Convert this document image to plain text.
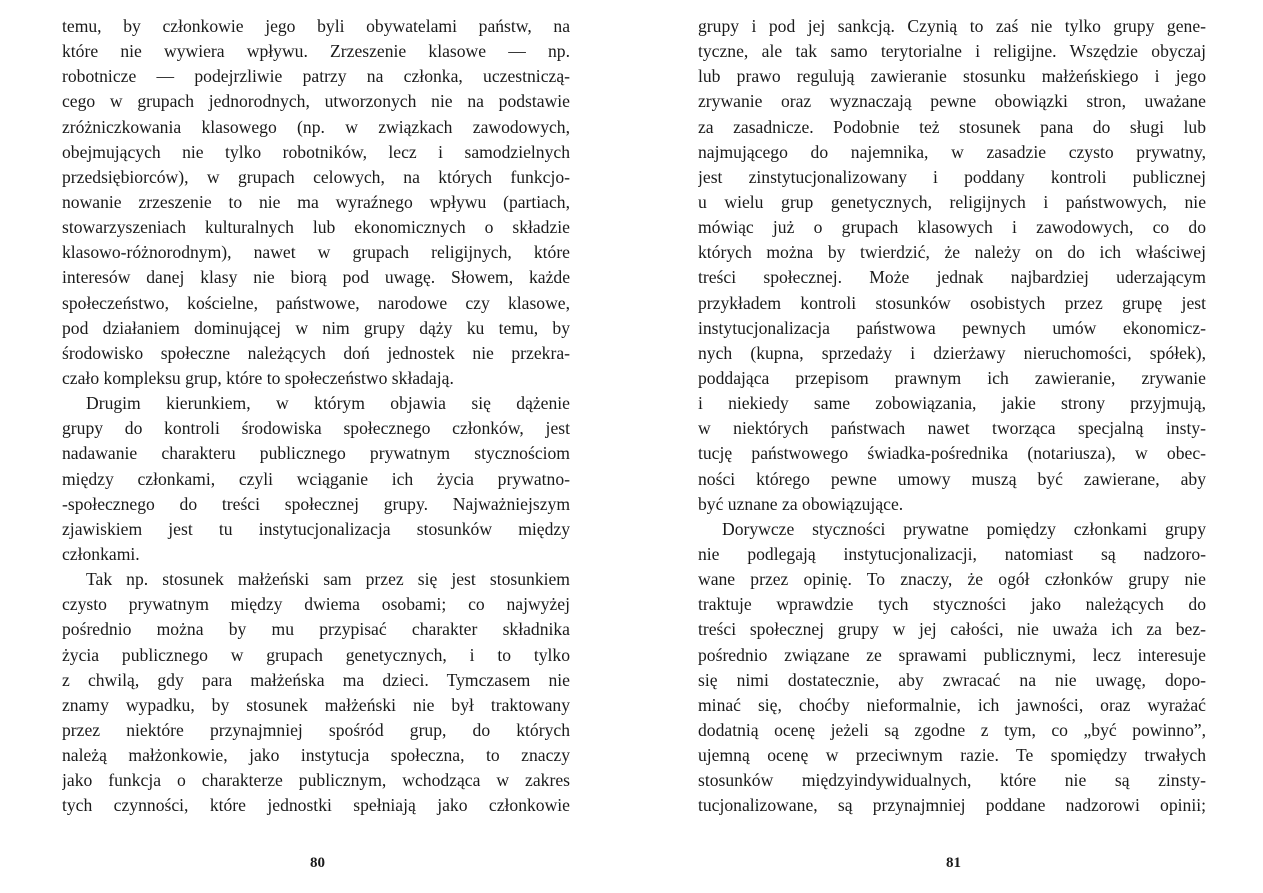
temu, by członkowie jego byli obywatelami państw, na
które nie wywiera wpływu. Zrzeszenie klasowe — np.
robotnicze — podejrzliwie patrzy na członka, uczestniczą-
cego w grupach jednorodnych, utworzonych nie na podstawie
zróżniczkowania klasowego (np. w związkach zawodowych,
obejmujących nie tylko robotników, lecz i samodzielnych
przedsiębiorców), w grupach celowych, na których funkcjo-
nowanie zrzeszenie to nie ma wyraźnego wpływu (partiach,
stowarzyszeniach kulturalnych lub ekonomicznych o składzie
klasowo-różnorodnym), nawet w grupach religijnych, które
interesów danej klasy nie biorą pod uwagę. Słowem, każde
społeczeństwo, kościelne, państwowe, narodowe czy klasowe,
pod działaniem dominującej w nim grupy dąży ku temu, by
środowisko społeczne należących doń jednostek nie przekra-
czało kompleksu grup, które to społeczeństwo składają.
Drugim kierunkiem, w którym objawia się dążenie
grupy do kontroli środowiska społecznego członków, jest
nadawanie charakteru publicznego prywatnym stycznościom
między członkami, czyli wciąganie ich życia prywatno-
-społecznego do treści społecznej grupy. Najważniejszym
zjawiskiem jest tu instytucjonalizacja stosunków między
członkami.
Tak np. stosunek małżeński sam przez się jest stosunkiem
czysto prywatnym między dwiema osobami; co najwyżej
pośrednio można by mu przypisać charakter składnika
życia publicznego w grupach genetycznych, i to tylko
z chwilą, gdy para małżeńska ma dzieci. Tymczasem nie
znamy wypadku, by stosunek małżeński nie był traktowany
przez niektóre przynajmniej spośród grup, do których
należą małżonkowie, jako instytucja społeczna, to znaczy
jako funkcja o charakterze publicznym, wchodząca w zakres
tych czynności, które jednostki spełniają jako członkowie
grupy i pod jej sankcją. Czynią to zaś nie tylko grupy gene-
tyczne, ale tak samo terytorialne i religijne. Wszędzie obyczaj
lub prawo regulują zawieranie stosunku małżeńskiego i jego
zrywanie oraz wyznaczają pewne obowiązki stron, uważane
za zasadnicze. Podobnie też stosunek pana do sługi lub
najmującego do najemnika, w zasadzie czysto prywatny,
jest zinstytucjonalizowany i poddany kontroli publicznej
u wielu grup genetycznych, religijnych i państwowych, nie
mówiąc już o grupach klasowych i zawodowych, co do
których można by twierdzić, że należy on do ich właściwej
treści społecznej. Może jednak najbardziej uderzającym
przykładem kontroli stosunków osobistych przez grupę jest
instytucjonalizacja państwowa pewnych umów ekonomicz-
nych (kupna, sprzedaży i dzierżawy nieruchomości, spółek),
poddająca przepisom prawnym ich zawieranie, zrywanie
i niekiedy same zobowiązania, jakie strony przyjmują,
w niektórych państwach nawet tworząca specjalną insty-
tucję państwowego świadka-pośrednika (notariusza), w obec-
ności którego pewne umowy muszą być zawierane, aby
być uznane za obowiązujące.
Dorywcze styczności prywatne pomiędzy członkami grupy
nie podlegają instytucjonalizacji, natomiast są nadzoro-
wane przez opinię. To znaczy, że ogół członków grupy nie
traktuje wprawdzie tych styczności jako należących do
treści społecznej grupy w jej całości, nie uważa ich za bez-
pośrednio związane ze sprawami publicznymi, lecz interesuje
się nimi dostatecznie, aby zwracać na nie uwagę, dopo-
minać się, choćby nieformalnie, ich jawności, oraz wyrażać
dodatnią ocenę jeżeli są zgodne z tym, co „być powinno”,
ujemną ocenę w przeciwnym razie. Te spomiędzy trwałych
stosunków międzyindywidualnych, które nie są zinsty-
tucjonalizowane, są przynajmniej poddane nadzorowi opinii;
80	81
